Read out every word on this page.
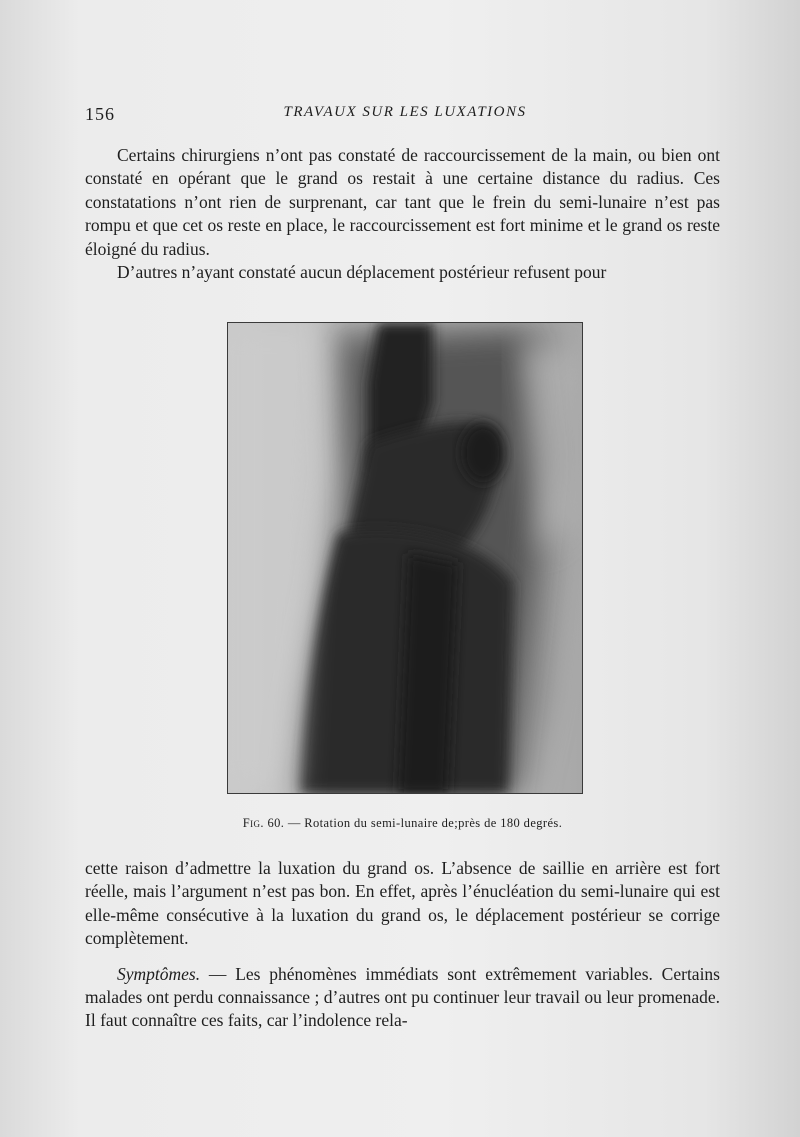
156	TRAVAUX SUR LES LUXATIONS

Certains chirurgiens n’ont pas constaté de raccourcissement de la main, ou bien ont constaté en opérant que le grand os restait à une certaine distance du radius. Ces constatations n’ont rien de surprenant, car tant que le frein du semi-lunaire n’est pas rompu et que cet os reste en place, le raccourcissement est fort minime et le grand os reste éloigné du radius.

D’autres n’ayant constaté aucun déplacement postérieur refusent pour

Fig. 60. — Rotation du semi-lunaire de;près de 180 degrés.

cette raison d’admettre la luxation du grand os. L’absence de saillie en arrière est fort réelle, mais l’argument n’est pas bon. En effet, après l’énucléation du semi-lunaire qui est elle-même consécutive à la luxation du grand os, le déplacement postérieur se corrige complètement.

Symptômes. — Les phénomènes immédiats sont extrêmement variables. Certains malades ont perdu connaissance ; d’autres ont pu continuer leur travail ou leur promenade. Il faut connaître ces faits, car l’indolence rela-
